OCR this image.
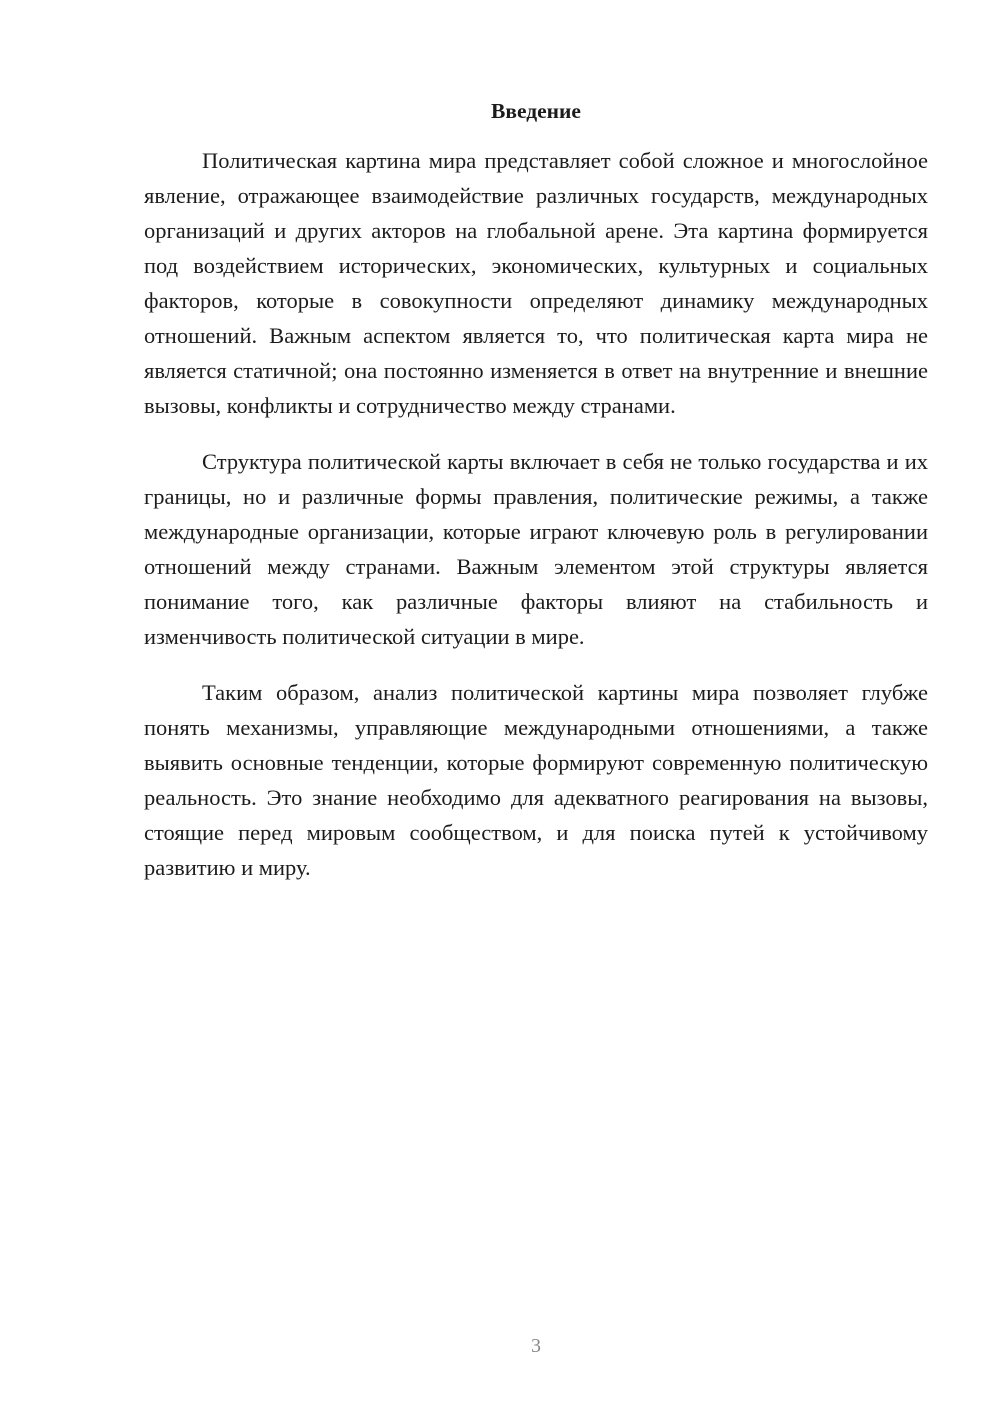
Введение

Политическая картина мира представляет собой сложное и многослойное явление, отражающее взаимодействие различных государств, международных организаций и других акторов на глобальной арене. Эта картина формируется под воздействием исторических, экономических, культурных и социальных факторов, которые в совокупности определяют динамику международных отношений. Важным аспектом является то, что политическая карта мира не является статичной; она постоянно изменяется в ответ на внутренние и внешние вызовы, конфликты и сотрудничество между странами.

Структура политической карты включает в себя не только государства и их границы, но и различные формы правления, политические режимы, а также международные организации, которые играют ключевую роль в регулировании отношений между странами. Важным элементом этой структуры является понимание того, как различные факторы влияют на стабильность и изменчивость политической ситуации в мире.

Таким образом, анализ политической картины мира позволяет глубже понять механизмы, управляющие международными отношениями, а также выявить основные тенденции, которые формируют современную политическую реальность. Это знание необходимо для адекватного реагирования на вызовы, стоящие перед мировым сообществом, и для поиска путей к устойчивому развитию и миру.

3
